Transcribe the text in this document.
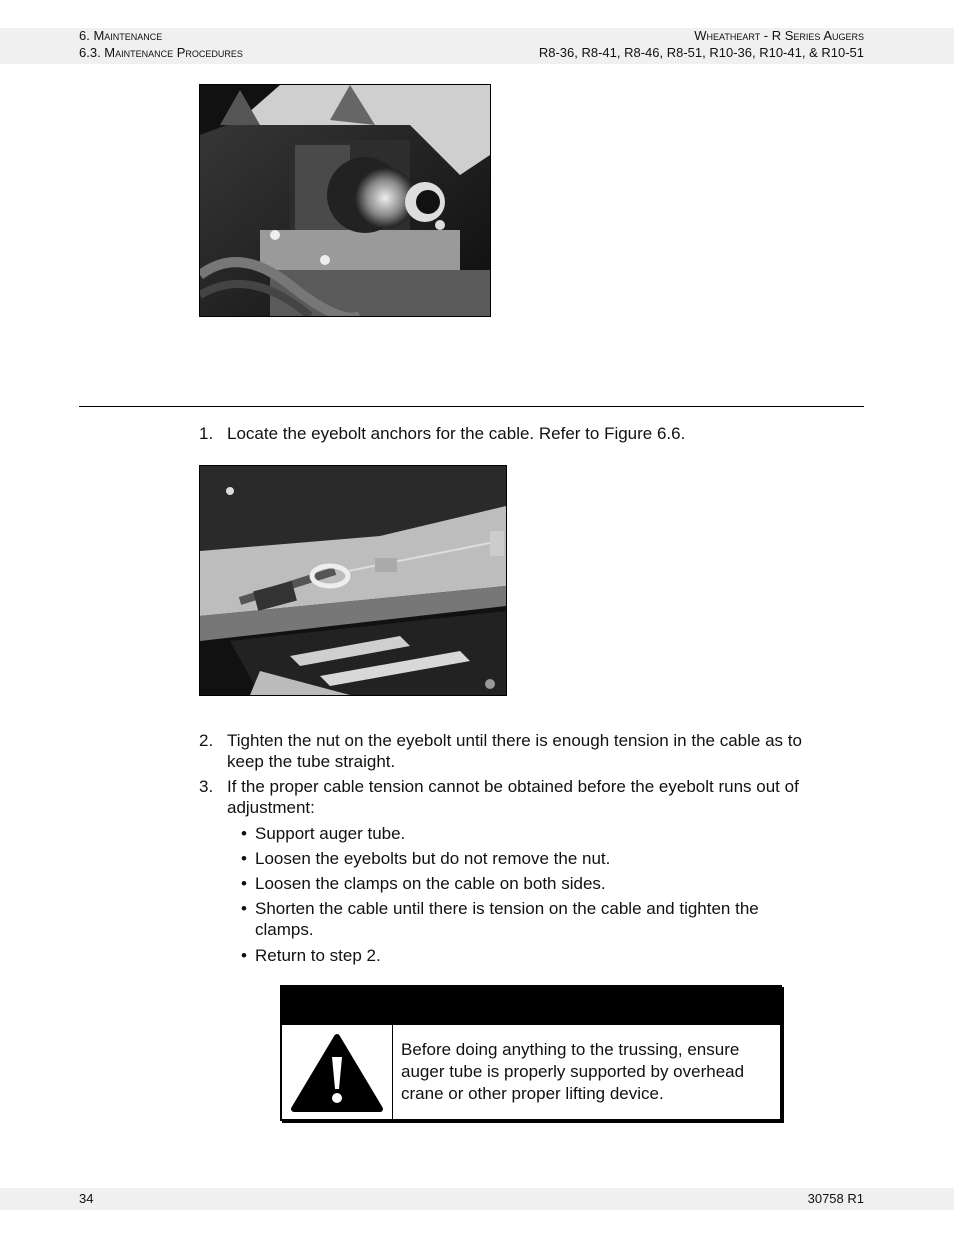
6. Maintenance
6.3. Maintenance Procedures
Wheatheart - R Series Augers
R8-36, R8-41, R8-46, R8-51, R10-36, R10-41, & R10-51
1. Locate the eyebolt anchors for the cable. Refer to Figure 6.6.
2. Tighten the nut on the eyebolt until there is enough tension in the cable as to
keep the tube straight.
3. If the proper cable tension cannot be obtained before the eyebolt runs out of
adjustment:
• Support auger tube.
• Loosen the eyebolts but do not remove the nut.
• Loosen the clamps on the cable on both sides.
• Shorten the cable until there is tension on the cable and tighten the
clamps.
• Return to step 2.
Before doing anything to the trussing, ensure
auger tube is properly supported by overhead
crane or other proper lifting device.
34	30758 R1
